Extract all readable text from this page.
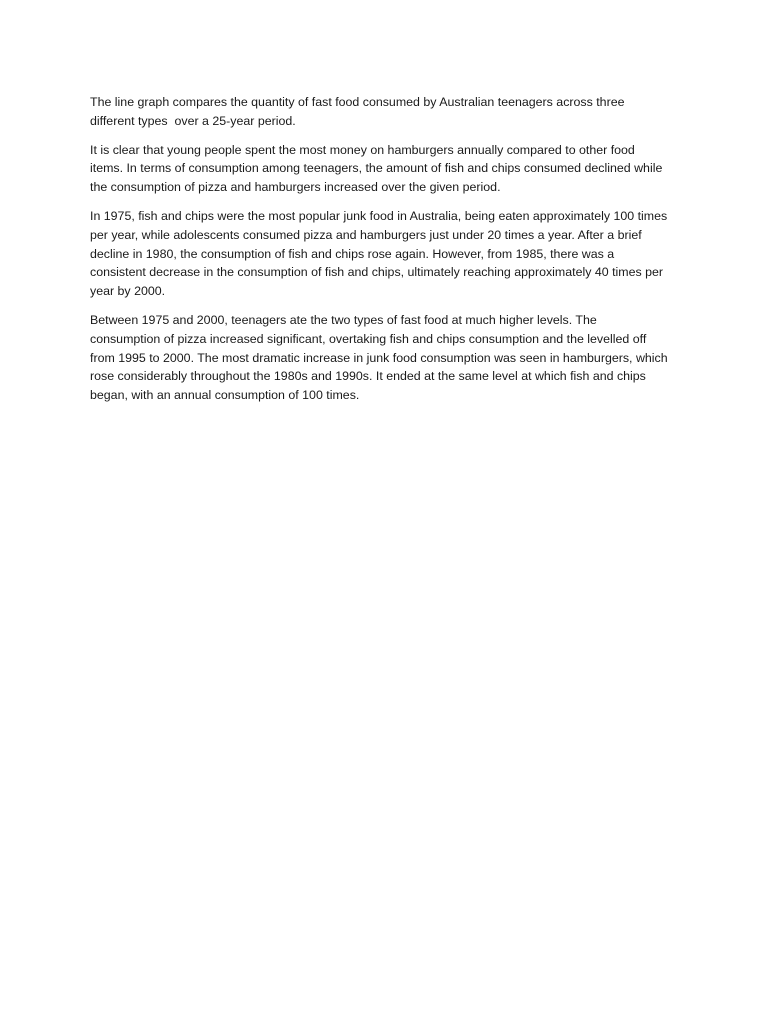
The line graph compares the quantity of fast food consumed by Australian teenagers across three different types  over a 25-year period.

It is clear that young people spent the most money on hamburgers annually compared to other food items. In terms of consumption among teenagers, the amount of fish and chips consumed declined while the consumption of pizza and hamburgers increased over the given period.

In 1975, fish and chips were the most popular junk food in Australia, being eaten approximately 100 times per year, while adolescents consumed pizza and hamburgers just under 20 times a year. After a brief decline in 1980, the consumption of fish and chips rose again. However, from 1985, there was a consistent decrease in the consumption of fish and chips, ultimately reaching approximately 40 times per year by 2000.

Between 1975 and 2000, teenagers ate the two types of fast food at much higher levels. The consumption of pizza increased significant, overtaking fish and chips consumption and the levelled off from 1995 to 2000. The most dramatic increase in junk food consumption was seen in hamburgers, which rose considerably throughout the 1980s and 1990s. It ended at the same level at which fish and chips began, with an annual consumption of 100 times.
